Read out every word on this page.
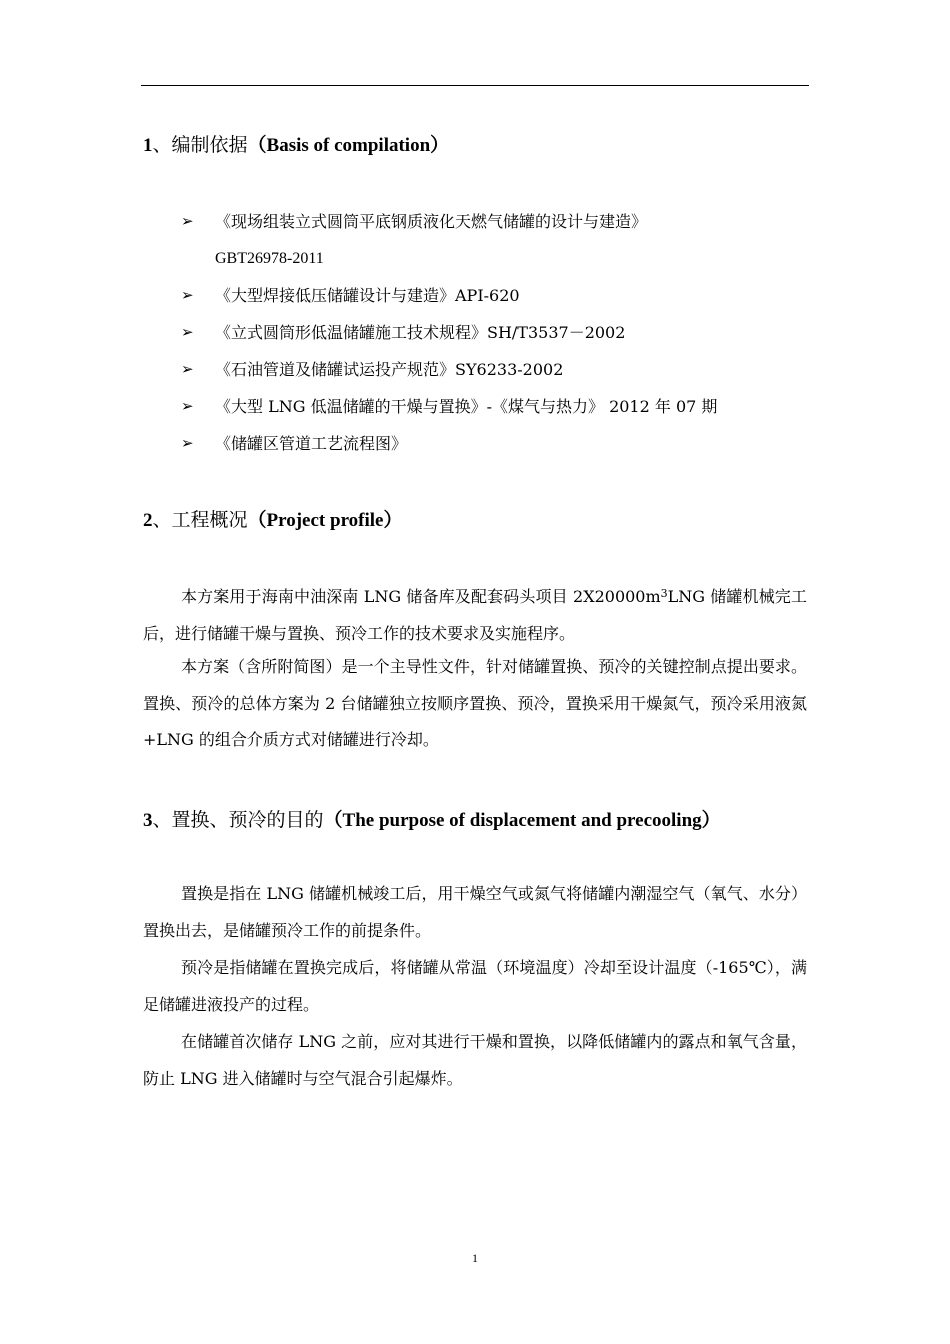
1、编制依据（Basis of compilation）
➢ 《现场组装立式圆筒平底钢质液化天燃气储罐的设计与建造》
GBT26978-2011
➢ 《大型焊接低压储罐设计与建造》API-620
➢ 《立式圆筒形低温储罐施工技术规程》SH/T3537－2002
➢ 《石油管道及储罐试运投产规范》SY6233-2002
➢ 《大型 LNG 低温储罐的干燥与置换》-《煤气与热力》 2012 年 07 期
➢ 《储罐区管道工艺流程图》
2、工程概况（Project profile）
本方案用于海南中油深南 LNG 储备库及配套码头项目 $2X20000m^3LNG$ 储罐机械完工后，进行储罐干燥与置换、预冷工作的技术要求及实施程序。
本方案（含所附简图）是一个主导性文件，针对储罐置换、预冷的关键控制点提出要求。置换、预冷的总体方案为 2 台储罐独立按顺序置换、预冷，置换采用干燥氮气，预冷采用液氮+LNG 的组合介质方式对储罐进行冷却。
3、置换、预冷的目的（The purpose of displacement and precooling）
置换是指在 LNG 储罐机械竣工后，用干燥空气或氮气将储罐内潮湿空气（氧气、水分）置换出去，是储罐预冷工作的前提条件。
预冷是指储罐在置换完成后，将储罐从常温（环境温度）冷却至设计温度（-165℃），满足储罐进液投产的过程。
在储罐首次储存 LNG 之前，应对其进行干燥和置换，以降低储罐内的露点和氧气含量，防止 LNG 进入储罐时与空气混合引起爆炸。
1
